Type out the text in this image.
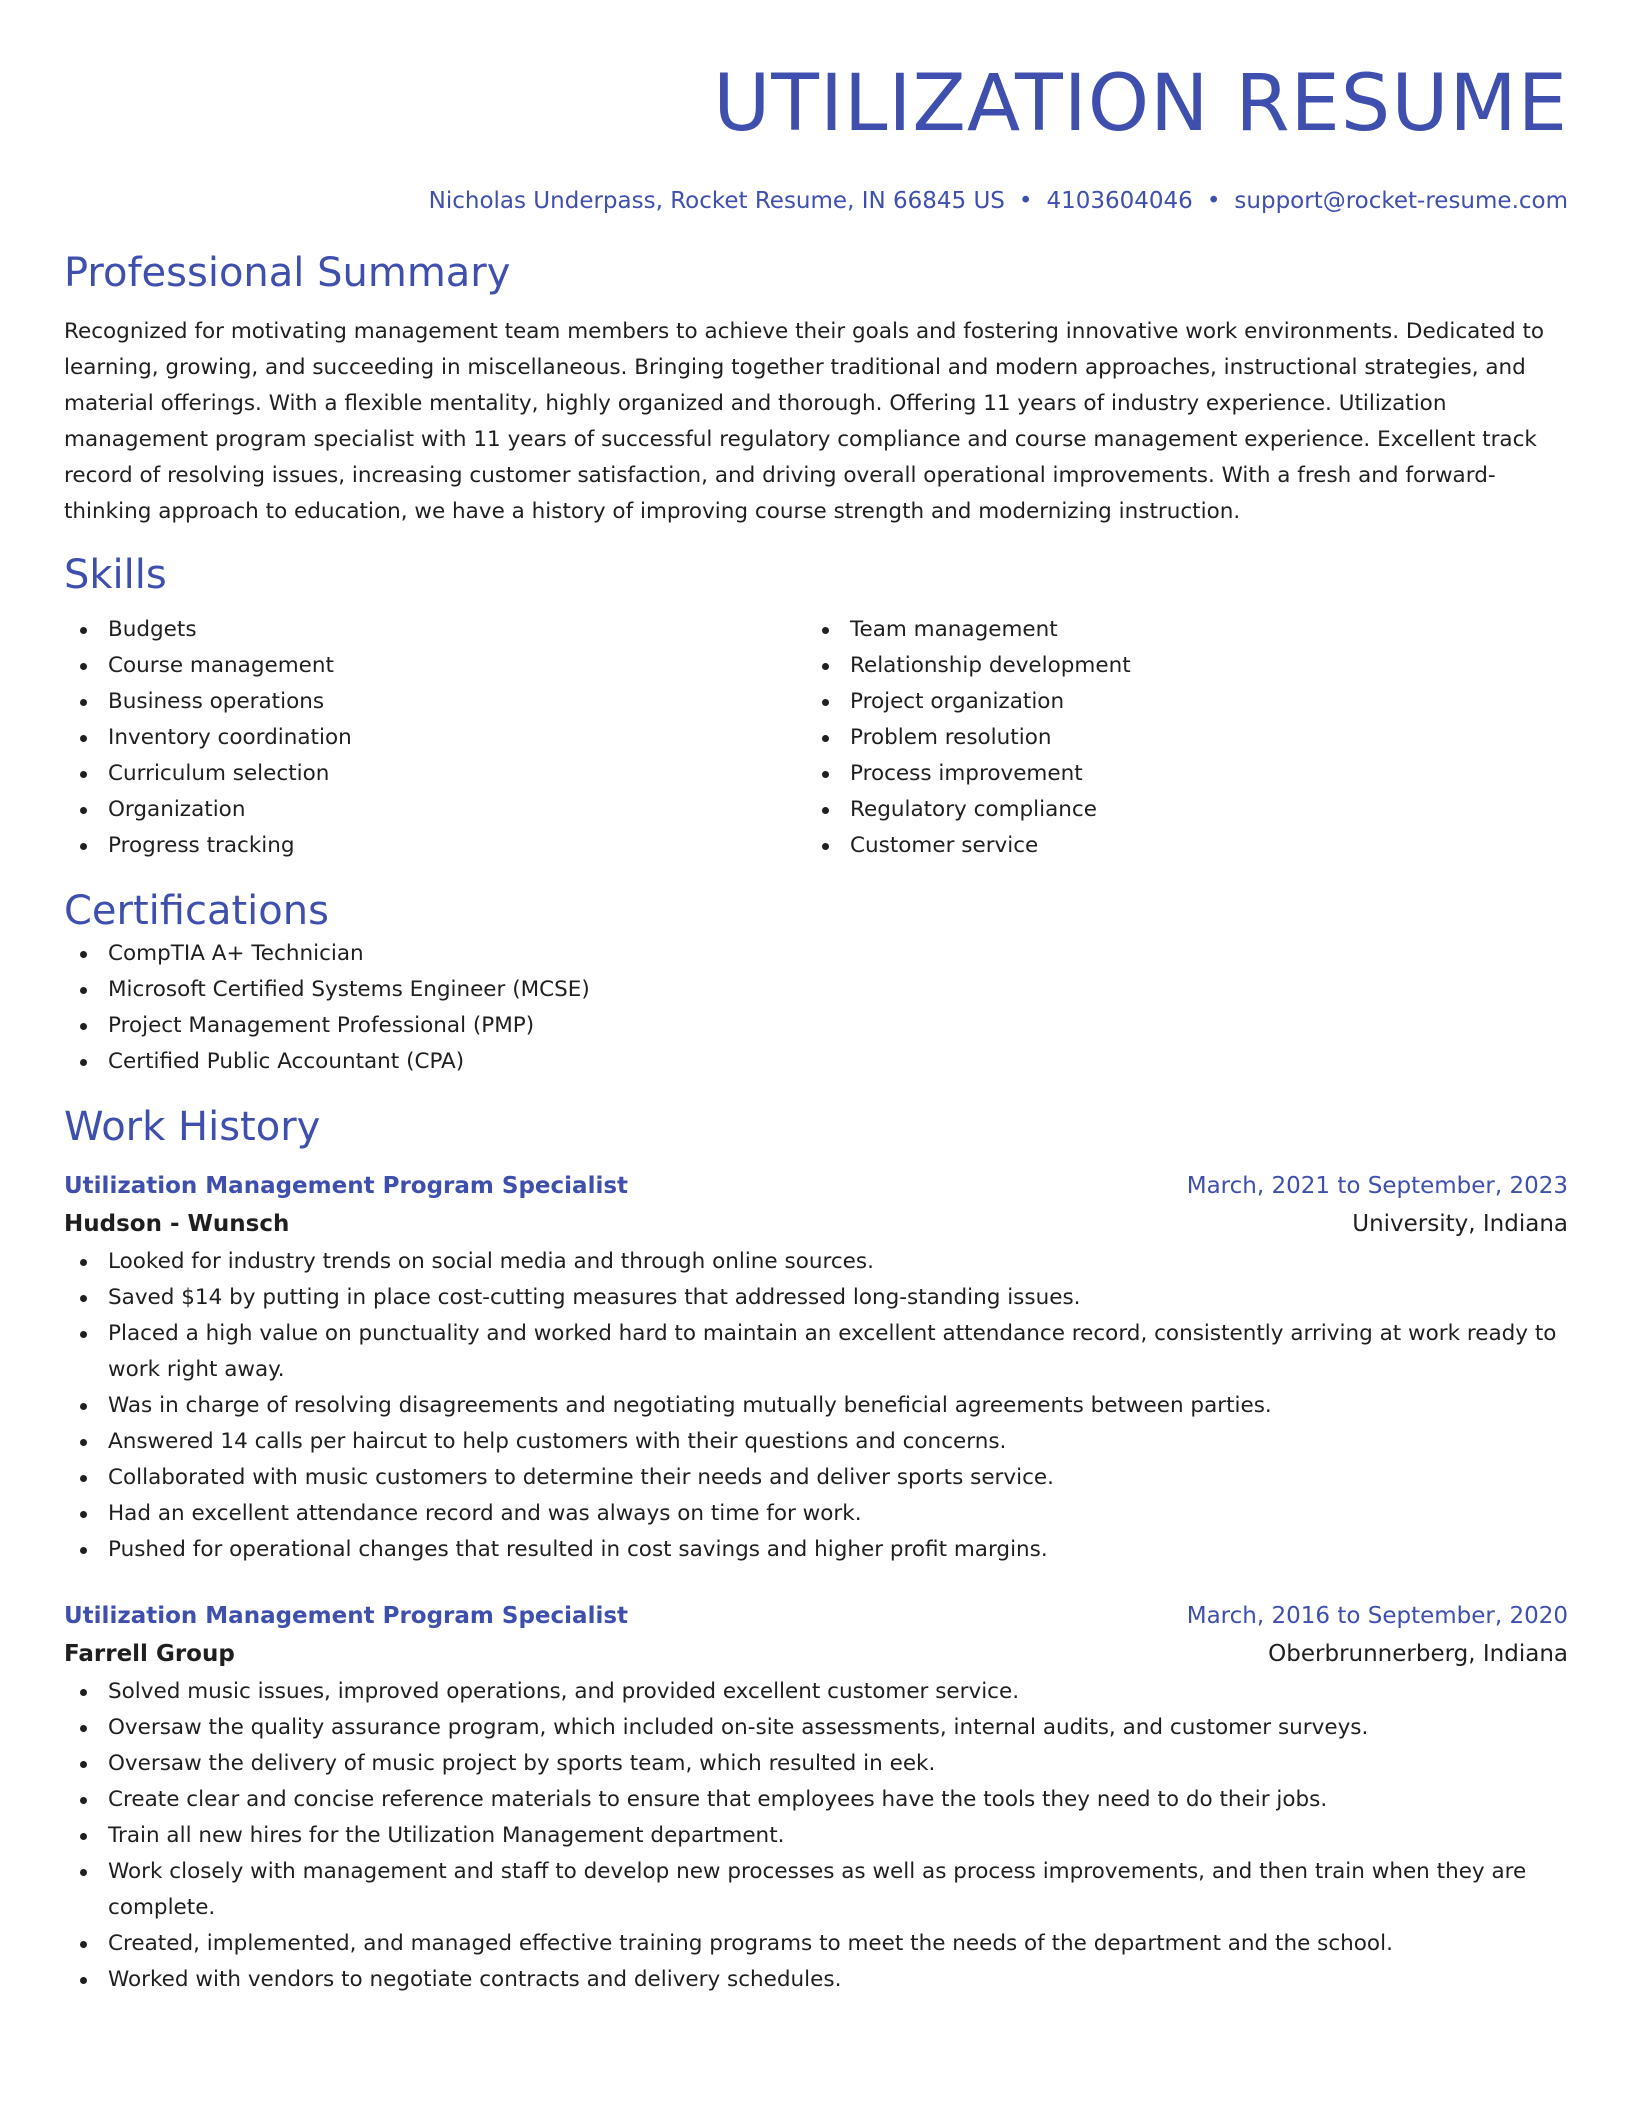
UTILIZATION RESUME
Nicholas Underpass, Rocket Resume, IN 66845 US • 4103604046 • support@rocket-resume.com
Professional Summary
Recognized for motivating management team members to achieve their goals and fostering innovative work environments. Dedicated to learning, growing, and succeeding in miscellaneous. Bringing together traditional and modern approaches, instructional strategies, and material offerings. With a flexible mentality, highly organized and thorough. Offering 11 years of industry experience. Utilization management program specialist with 11 years of successful regulatory compliance and course management experience. Excellent track record of resolving issues, increasing customer satisfaction, and driving overall operational improvements. With a fresh and forward-thinking approach to education, we have a history of improving course strength and modernizing instruction.
Skills
Budgets
Course management
Business operations
Inventory coordination
Curriculum selection
Organization
Progress tracking
Team management
Relationship development
Project organization
Problem resolution
Process improvement
Regulatory compliance
Customer service
Certifications
CompTIA A+ Technician
Microsoft Certified Systems Engineer (MCSE)
Project Management Professional (PMP)
Certified Public Accountant (CPA)
Work History
Utilization Management Program Specialist	March, 2021 to September, 2023
Hudson - Wunsch	University, Indiana
Looked for industry trends on social media and through online sources.
Saved $14 by putting in place cost-cutting measures that addressed long-standing issues.
Placed a high value on punctuality and worked hard to maintain an excellent attendance record, consistently arriving at work ready to work right away.
Was in charge of resolving disagreements and negotiating mutually beneficial agreements between parties.
Answered 14 calls per haircut to help customers with their questions and concerns.
Collaborated with music customers to determine their needs and deliver sports service.
Had an excellent attendance record and was always on time for work.
Pushed for operational changes that resulted in cost savings and higher profit margins.
Utilization Management Program Specialist	March, 2016 to September, 2020
Farrell Group	Oberbrunnerberg, Indiana
Solved music issues, improved operations, and provided excellent customer service.
Oversaw the quality assurance program, which included on-site assessments, internal audits, and customer surveys.
Oversaw the delivery of music project by sports team, which resulted in eek.
Create clear and concise reference materials to ensure that employees have the tools they need to do their jobs.
Train all new hires for the Utilization Management department.
Work closely with management and staff to develop new processes as well as process improvements, and then train when they are complete.
Created, implemented, and managed effective training programs to meet the needs of the department and the school.
Worked with vendors to negotiate contracts and delivery schedules.
